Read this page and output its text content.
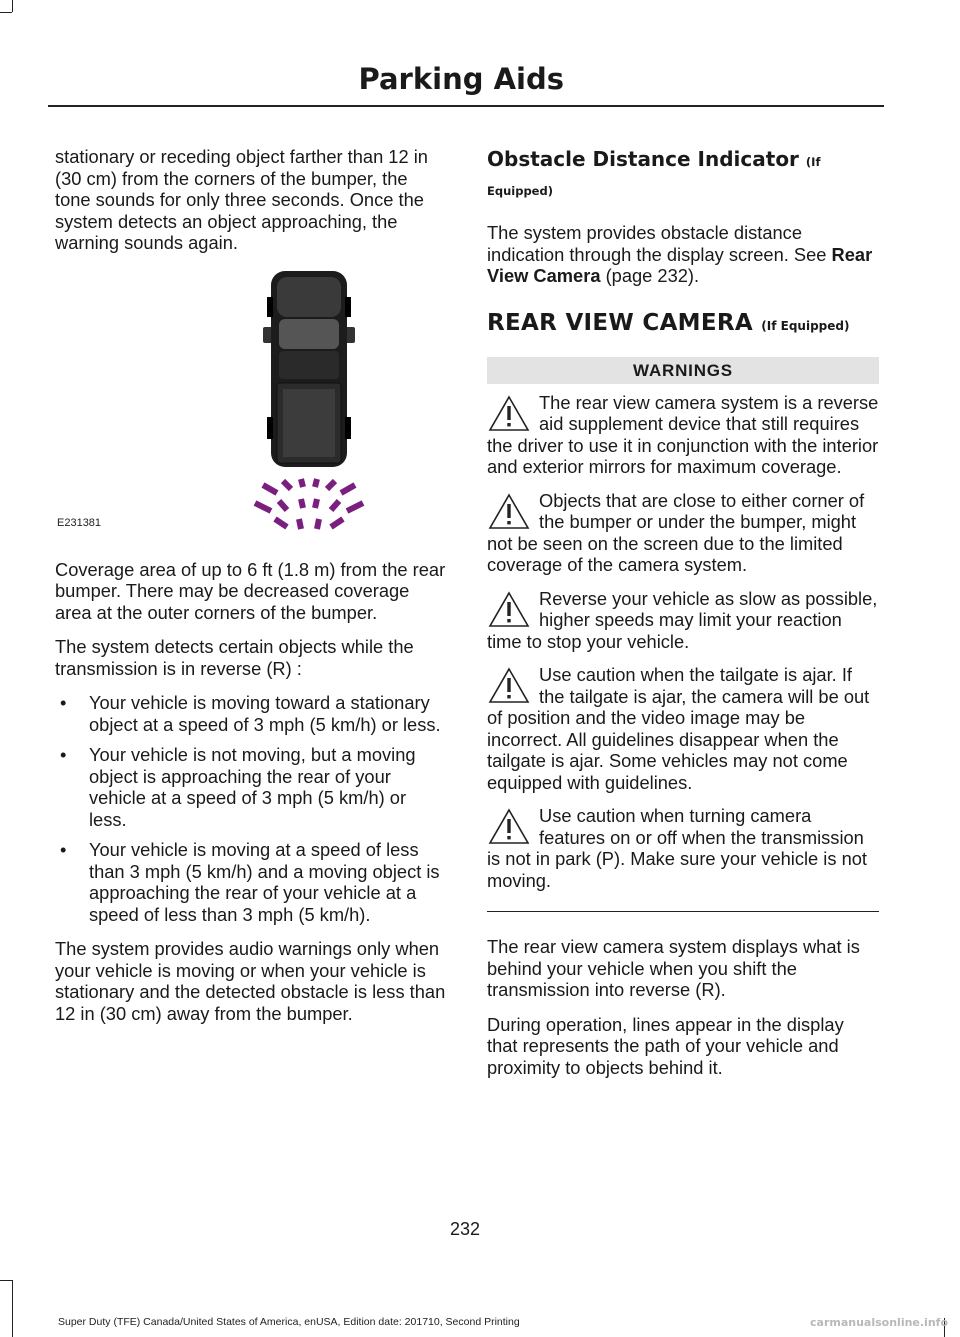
Parking Aids

stationary or receding object farther than 12 in (30 cm) from the corners of the bumper, the tone sounds for only three seconds. Once the system detects an object approaching, the warning sounds again.

E231381

Coverage area of up to 6 ft (1.8 m) from the rear bumper. There may be decreased coverage area at the outer corners of the bumper.

The system detects certain objects while the transmission is in reverse (R) :

• Your vehicle is moving toward a stationary object at a speed of 3 mph (5 km/h) or less.
• Your vehicle is not moving, but a moving object is approaching the rear of your vehicle at a speed of 3 mph (5 km/h) or less.
• Your vehicle is moving at a speed of less than 3 mph (5 km/h) and a moving object is approaching the rear of your vehicle at a speed of less than 3 mph (5 km/h).

The system provides audio warnings only when your vehicle is moving or when your vehicle is stationary and the detected obstacle is less than 12 in (30 cm) away from the bumper.

Obstacle Distance Indicator (If Equipped)

The system provides obstacle distance indication through the display screen. See Rear View Camera (page 232).

REAR VIEW CAMERA (If Equipped)
WARNINGS
The rear view camera system is a reverse aid supplement device that still requires the driver to use it in conjunction with the interior and exterior mirrors for maximum coverage.
Objects that are close to either corner of the bumper or under the bumper, might not be seen on the screen due to the limited coverage of the camera system.
Reverse your vehicle as slow as possible, higher speeds may limit your reaction time to stop your vehicle.
Use caution when the tailgate is ajar. If the tailgate is ajar, the camera will be out of position and the video image may be incorrect. All guidelines disappear when the tailgate is ajar. Some vehicles may not come equipped with guidelines.
Use caution when turning camera features on or off when the transmission is not in park (P). Make sure your vehicle is not moving.

The rear view camera system displays what is behind your vehicle when you shift the transmission into reverse (R).

During operation, lines appear in the display that represents the path of your vehicle and proximity to objects behind it.

232
Super Duty (TFE) Canada/United States of America, enUSA, Edition date: 201710, Second Printing	carmanualsonline.info
